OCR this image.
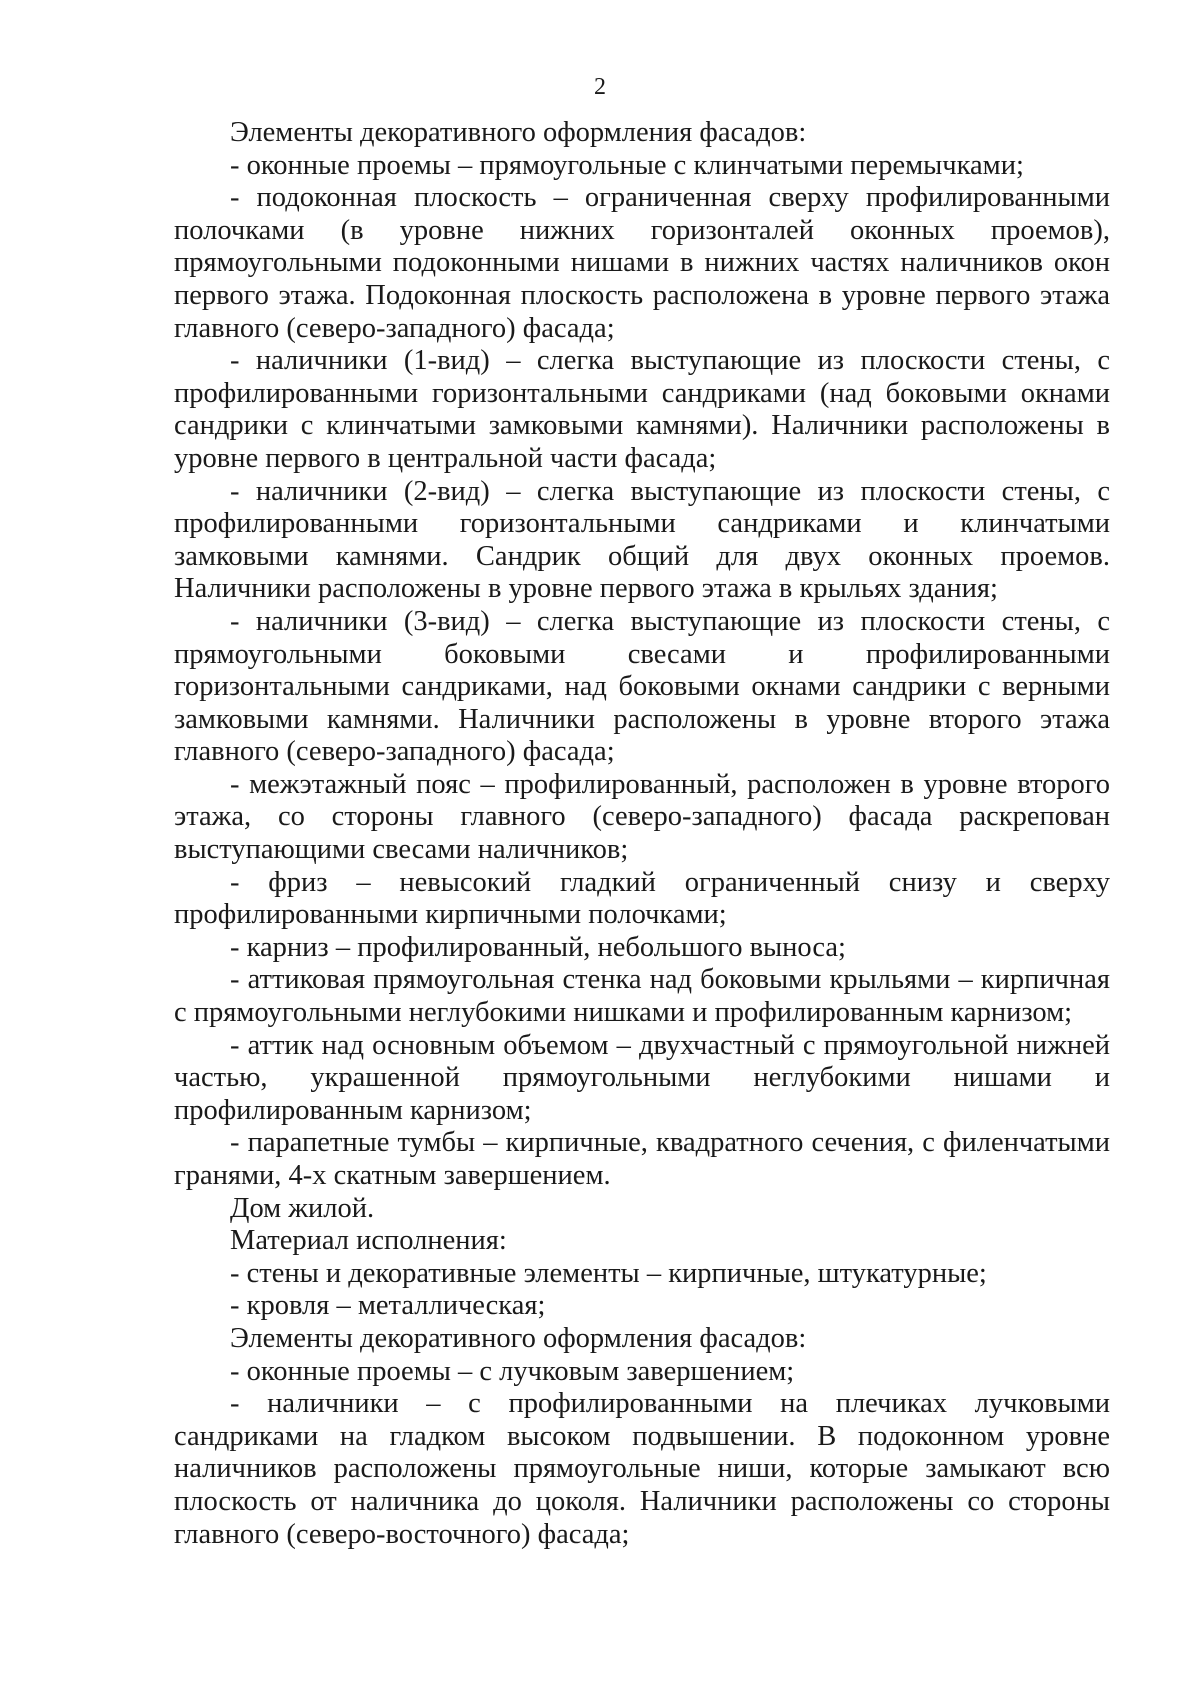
2

Элементы декоративного оформления фасадов:

- оконные проемы – прямоугольные с клинчатыми перемычками;

- подоконная плоскость – ограниченная сверху профилированными полочками (в уровне нижних горизонталей оконных проемов), прямоугольными подоконными нишами в нижних частях наличников окон первого этажа. Подоконная плоскость расположена в уровне первого этажа главного (северо-западного) фасада;

- наличники (1-вид) – слегка выступающие из плоскости стены, с профилированными горизонтальными сандриками (над боковыми окнами сандрики с клинчатыми замковыми камнями). Наличники расположены в уровне первого в центральной части фасада;

- наличники (2-вид) – слегка выступающие из плоскости стены, с профилированными горизонтальными сандриками и клинчатыми замковыми камнями. Сандрик общий для двух оконных проемов. Наличники расположены в уровне первого этажа в крыльях здания;

- наличники (3-вид) – слегка выступающие из плоскости стены, с прямоугольными боковыми свесами и профилированными горизонтальными сандриками, над боковыми окнами сандрики с верными замковыми камнями. Наличники расположены в уровне второго этажа главного (северо-западного) фасада;

- межэтажный пояс – профилированный, расположен в уровне второго этажа, со стороны главного (северо-западного) фасада раскрепован выступающими свесами наличников;

- фриз – невысокий гладкий ограниченный снизу и сверху профилированными кирпичными полочками;

- карниз – профилированный, небольшого выноса;

- аттиковая прямоугольная стенка над боковыми крыльями – кирпичная с прямоугольными неглубокими нишками и профилированным карнизом;

- аттик над основным объемом – двухчастный с прямоугольной нижней частью, украшенной прямоугольными неглубокими нишами и профилированным карнизом;

- парапетные тумбы – кирпичные, квадратного сечения, с филенчатыми гранями, 4-х скатным завершением.

Дом жилой.

Материал исполнения:

- стены и декоративные элементы – кирпичные, штукатурные;

- кровля – металлическая;

Элементы декоративного оформления фасадов:

- оконные проемы – с лучковым завершением;

- наличники – с профилированными на плечиках лучковыми сандриками на гладком высоком подвышении. В подоконном уровне наличников расположены прямоугольные ниши, которые замыкают всю плоскость от наличника до цоколя. Наличники расположены со стороны главного (северо-восточного) фасада;
